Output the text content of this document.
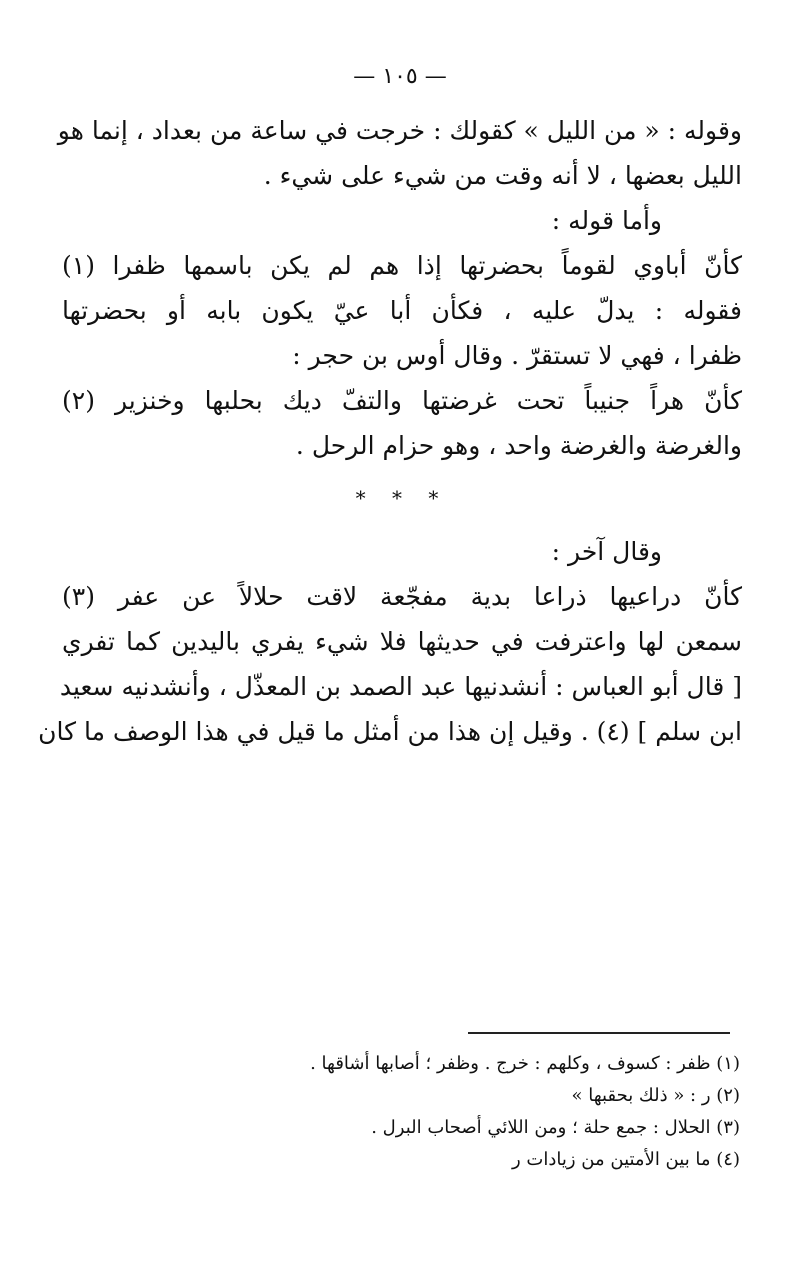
— ١٠٥ —
وقوله : « من الليل » كقولك : خرجت في ساعة من بعداد ، إنما هو
الليل بعضها ، لا أنه وقت من شيء على شيء .
وأما قوله :
كأنّ أباوي لقوماً بحضرتها إذا هم لم يكن باسمها ظفرا (١)
فقوله : يدلّ عليه ، فكأن أبا عيّ يكون بابه أو بحضرتها
ظفرا ، فهي لا تستقرّ . وقال أوس بن حجر :
كأنّ هراً جنيباً تحت غرضتها والتفّ ديك بحلبها وخنزير (٢)
والغرضة والغرضة واحد ، وهو حزام الرحل .
* * *
وقال آخر :
كأنّ دراعيها ذراعا بدية مفجّعة لاقت حلالاً عن عفر (٣)
سمعن لها واعترفت في حديثها فلا شيء يفري باليدين كما تفري
[ قال أبو العباس : أنشدنيها عبد الصمد بن المعذّل ، وأنشدنيه سعيد
ابن سلم ] (٤) . وقيل إن هذا من أمثل ما قيل في هذا الوصف ما كان
(١) ظفر : كسوف ، وكلهم : خرج . وظفر ؛ أصابها أشاقها .
(٢) ر : « ذلك بحقبها »
(٣) الحلال : جمع حلة ؛ ومن اللائي أصحاب البرل .
(٤) ما بين الأمتين من زيادات ر
